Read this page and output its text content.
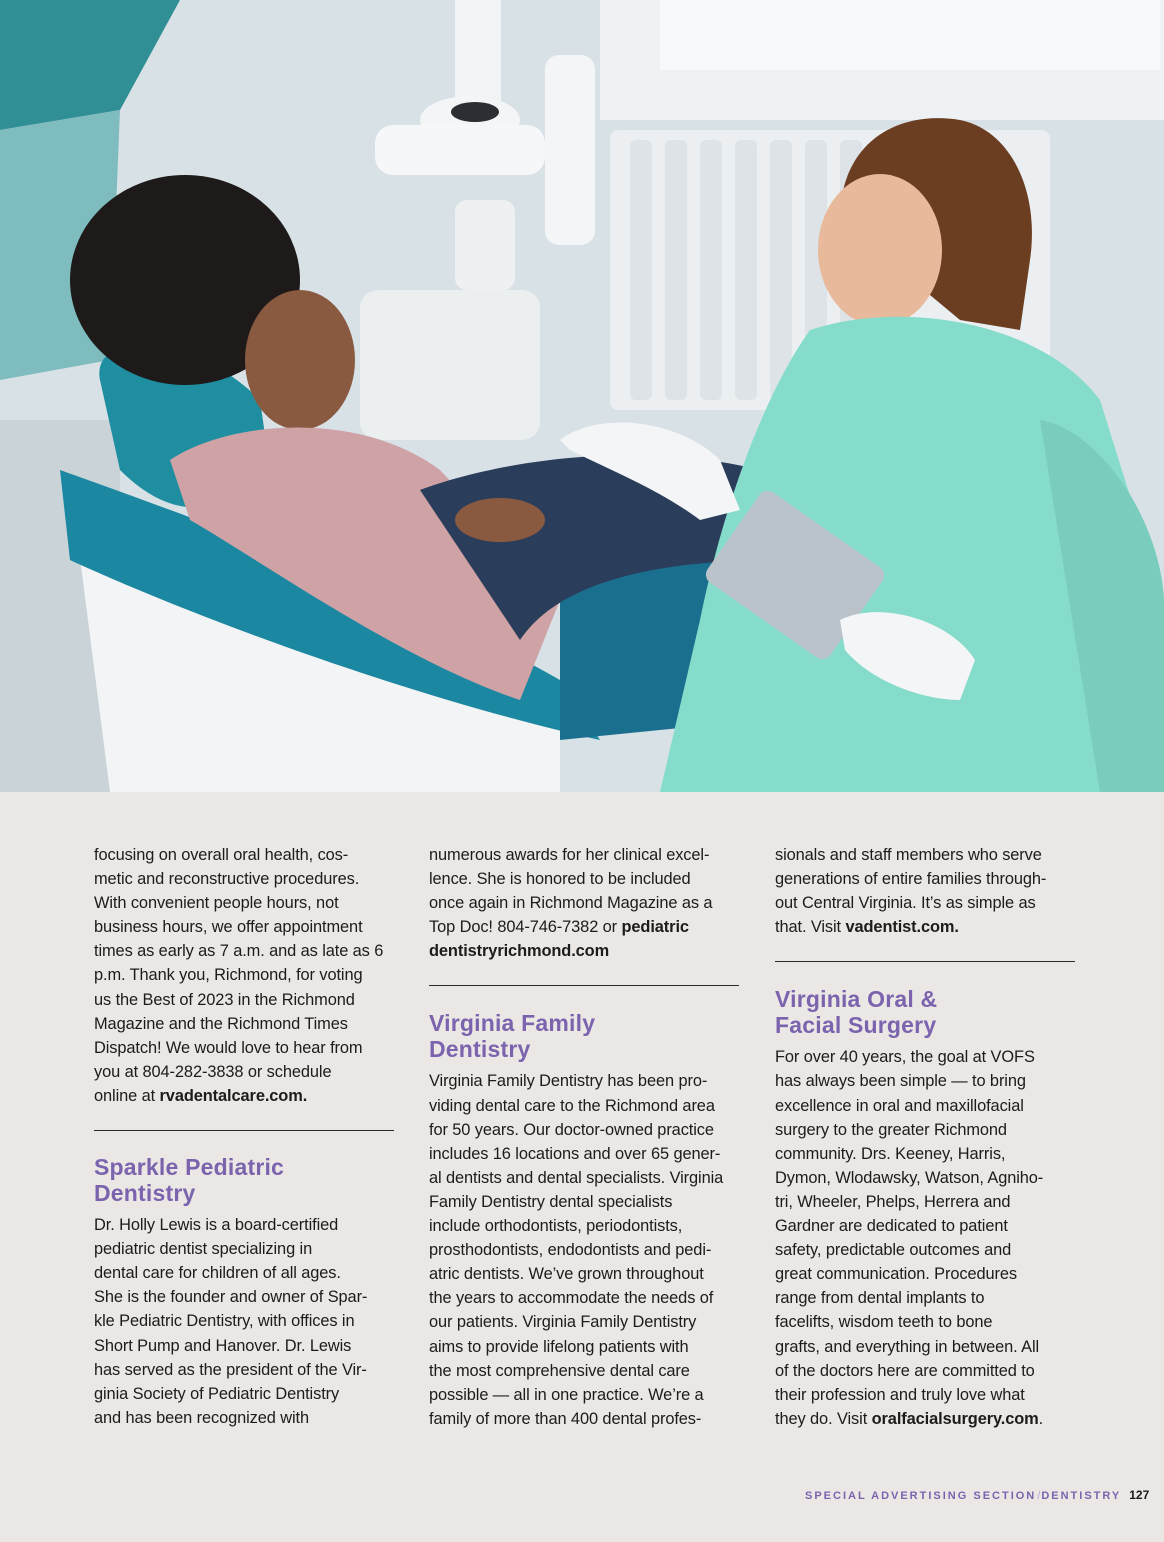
focusing on overall oral health, cos-
metic and reconstructive procedures.
With convenient people hours, not
business hours, we offer appointment
times as early as 7 a.m. and as late as 6
p.m. Thank you, Richmond, for voting
us the Best of 2023 in the Richmond
Magazine and the Richmond Times
Dispatch! We would love to hear from
you at 804-282-3838 or schedule
online at rvadentalcare.com.

Sparkle Pediatric
Dentistry

Dr. Holly Lewis is a board-certified
pediatric dentist specializing in
dental care for children of all ages.
She is the founder and owner of Spar-
kle Pediatric Dentistry, with offices in
Short Pump and Hanover. Dr. Lewis
has served as the president of the Vir-
ginia Society of Pediatric Dentistry
and has been recognized with

numerous awards for her clinical excel-
lence. She is honored to be included
once again in Richmond Magazine as a
Top Doc! 804-746-7382 or pediatric
dentistryrichmond.com

Virginia Family
Dentistry

Virginia Family Dentistry has been pro-
viding dental care to the Richmond area
for 50 years. Our doctor-owned practice
includes 16 locations and over 65 gener-
al dentists and dental specialists. Virginia
Family Dentistry dental specialists
include orthodontists, periodontists,
prosthodontists, endodontists and pedi-
atric dentists. We’ve grown throughout
the years to accommodate the needs of
our patients. Virginia Family Dentistry
aims to provide lifelong patients with
the most comprehensive dental care
possible — all in one practice. We’re a
family of more than 400 dental profes-

sionals and staff members who serve
generations of entire families through-
out Central Virginia. It’s as simple as
that. Visit vadentist.com.

Virginia Oral &
Facial Surgery

For over 40 years, the goal at VOFS
has always been simple — to bring
excellence in oral and maxillofacial
surgery to the greater Richmond
community. Drs. Keeney, Harris,
Dymon, Wlodawsky, Watson, Agniho-
tri, Wheeler, Phelps, Herrera and
Gardner are dedicated to patient
safety, predictable outcomes and
great communication. Procedures
range from dental implants to
facelifts, wisdom teeth to bone
grafts, and everything in between. All
of the doctors here are committed to
their profession and truly love what
they do. Visit oralfacialsurgery.com.

SPECIAL ADVERTISING SECTION/DENTISTRY 127
